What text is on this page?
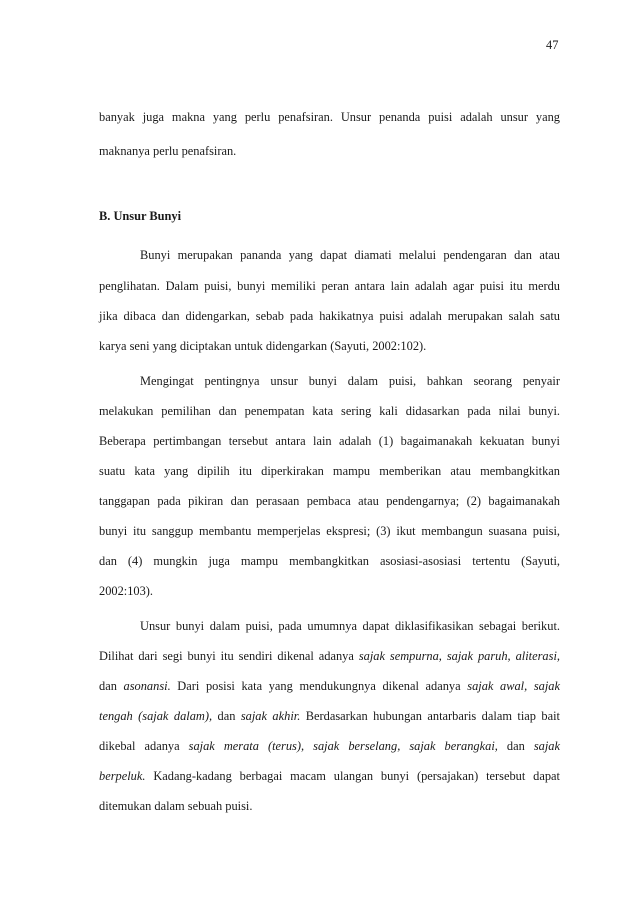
47
banyak juga makna yang perlu penafsiran. Unsur penanda puisi adalah unsur yang
maknanya perlu penafsiran.
B. Unsur Bunyi
Bunyi merupakan pananda yang dapat diamati melalui pendengaran dan atau
penglihatan. Dalam puisi, bunyi memiliki peran antara lain adalah agar puisi itu merdu
jika dibaca dan didengarkan, sebab pada hakikatnya puisi adalah merupakan salah satu
karya seni yang diciptakan untuk didengarkan (Sayuti, 2002:102).
Mengingat pentingnya unsur bunyi dalam puisi, bahkan seorang penyair
melakukan pemilihan dan penempatan kata sering kali didasarkan pada nilai bunyi.
Beberapa pertimbangan tersebut antara lain adalah (1) bagaimanakah kekuatan bunyi
suatu kata yang dipilih itu diperkirakan mampu memberikan atau membangkitkan
tanggapan pada pikiran dan perasaan pembaca atau pendengarnya; (2) bagaimanakah
bunyi itu sanggup membantu memperjelas ekspresi; (3) ikut membangun suasana puisi,
dan (4) mungkin juga mampu membangkitkan asosiasi-asosiasi tertentu (Sayuti,
2002:103).
Unsur bunyi dalam puisi, pada umumnya dapat diklasifikasikan sebagai berikut.
Dilihat dari segi bunyi itu sendiri dikenal adanya sajak sempurna, sajak paruh, aliterasi,
dan asonansi. Dari posisi kata yang mendukungnya dikenal adanya sajak awal, sajak
tengah (sajak dalam), dan sajak akhir. Berdasarkan hubungan antarbaris dalam tiap bait
dikebal adanya sajak merata (terus), sajak berselang, sajak berangkai, dan sajak
berpeluk. Kadang-kadang berbagai macam ulangan bunyi (persajakan) tersebut dapat
ditemukan dalam sebuah puisi.
